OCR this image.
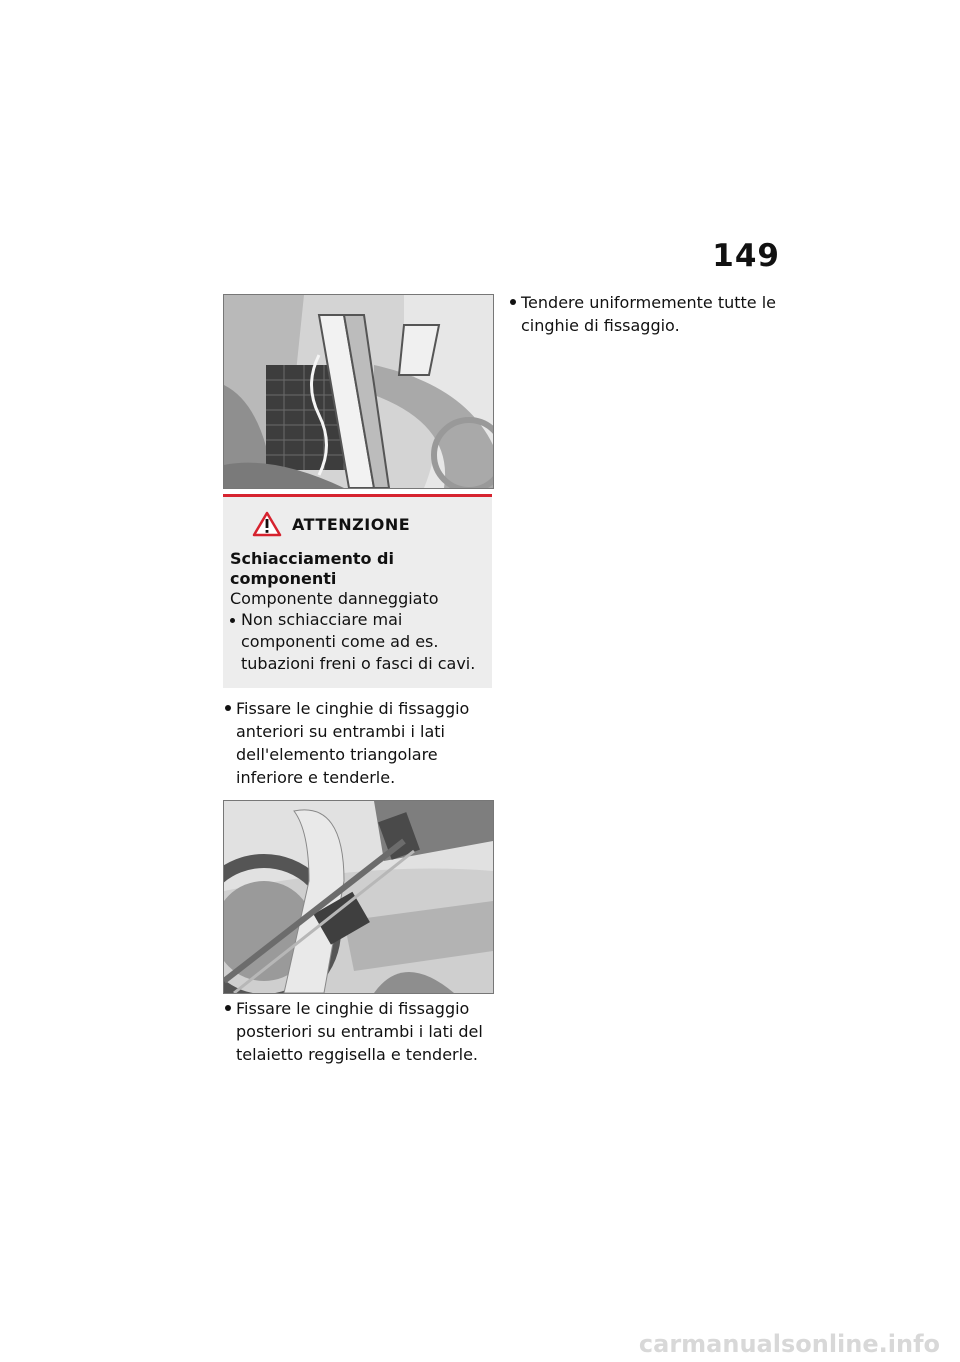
149
ATTENZIONE
Schiacciamento di componenti
Componente danneggiato
Non schiacciare mai componenti come ad es. tubazioni freni o fasci di cavi.
Fissare le cinghie di fissaggio anteriori su entrambi i lati dell'elemento triangolare inferiore e tenderle.
Fissare le cinghie di fissaggio posteriori su entrambi i lati del telaietto reggisella e tenderle.
Tendere uniformemente tutte le cinghie di fissaggio.
carmanualsonline.info
